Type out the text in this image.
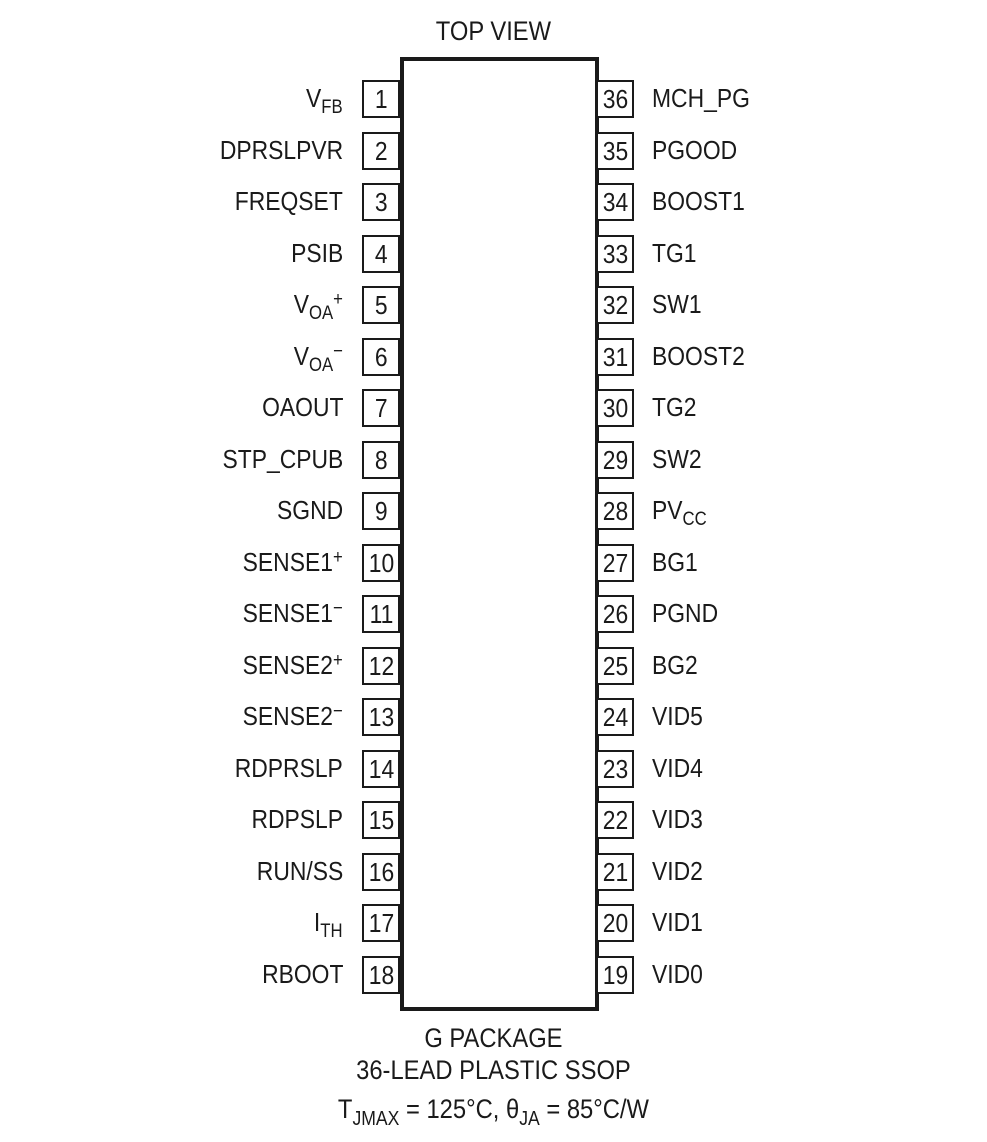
TOP VIEW
1
$V_{FB}$
2
DPRSLPVR
3
FREQSET
4
PSIB
5
$V_{OA}^+$
6
$V_{OA}^-$
7
OAOUT
8
STP_CPUB
9
SGND
10
SENSE1+
11
SENSE1−
12
SENSE2+
13
SENSE2−
14
RDPRSLP
15
RDPSLP
16
RUN/SS
17
$I_{TH}$
18
RBOOT
36 MCH_PG
35 PGOOD
34 BOOST1
33 TG1
32 SW1
31 BOOST2
30 TG2
29 SW2
28 $PV_{CC}$
27 BG1
26 PGND
25 BG2
24 VID5
23 VID4
22 VID3
21 VID2
20 VID1
19 VID0
G PACKAGE
36-LEAD PLASTIC SSOP
$T_{JMAX} = 125^\circ C$, $\theta_{JA} = 85^\circ C/W$
